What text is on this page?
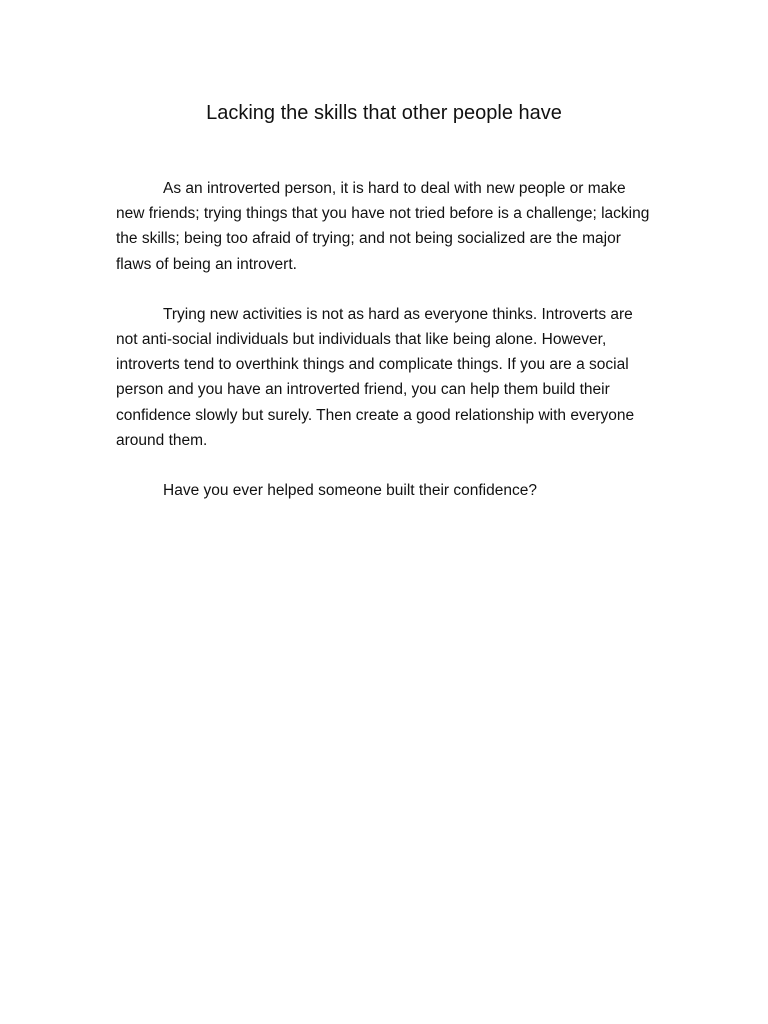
Lacking the skills that other people have

As an introverted person, it is hard to deal with new people or make new friends; trying things that you have not tried before is a challenge; lacking the skills; being too afraid of trying; and not being socialized are the major flaws of being an introvert.

Trying new activities is not as hard as everyone thinks. Introverts are not anti-social individuals but individuals that like being alone. However, introverts tend to overthink things and complicate things. If you are a social person and you have an introverted friend, you can help them build their confidence slowly but surely. Then create a good relationship with everyone around them.

Have you ever helped someone built their confidence?
